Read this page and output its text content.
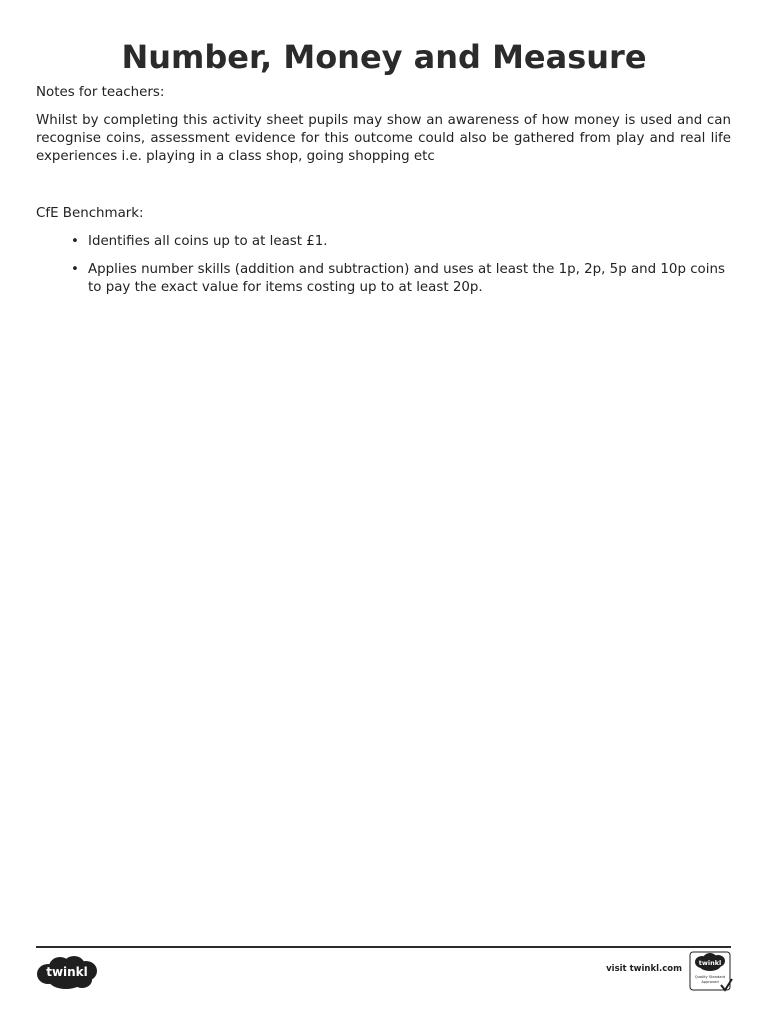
Number, Money and Measure

Notes for teachers:

Whilst by completing this activity sheet pupils may show an awareness of how money is used and can recognise coins, assessment evidence for this outcome could also be gathered from play and real life experiences i.e. playing in a class shop, going shopping etc

CfE Benchmark:

• Identifies all coins up to at least £1.
• Applies number skills (addition and subtraction) and uses at least the 1p, 2p, 5p and 10p coins to pay the exact value for items costing up to at least 20p.
twinkl	visit twinkl.com
twinkl
Quality Standard
Approved
